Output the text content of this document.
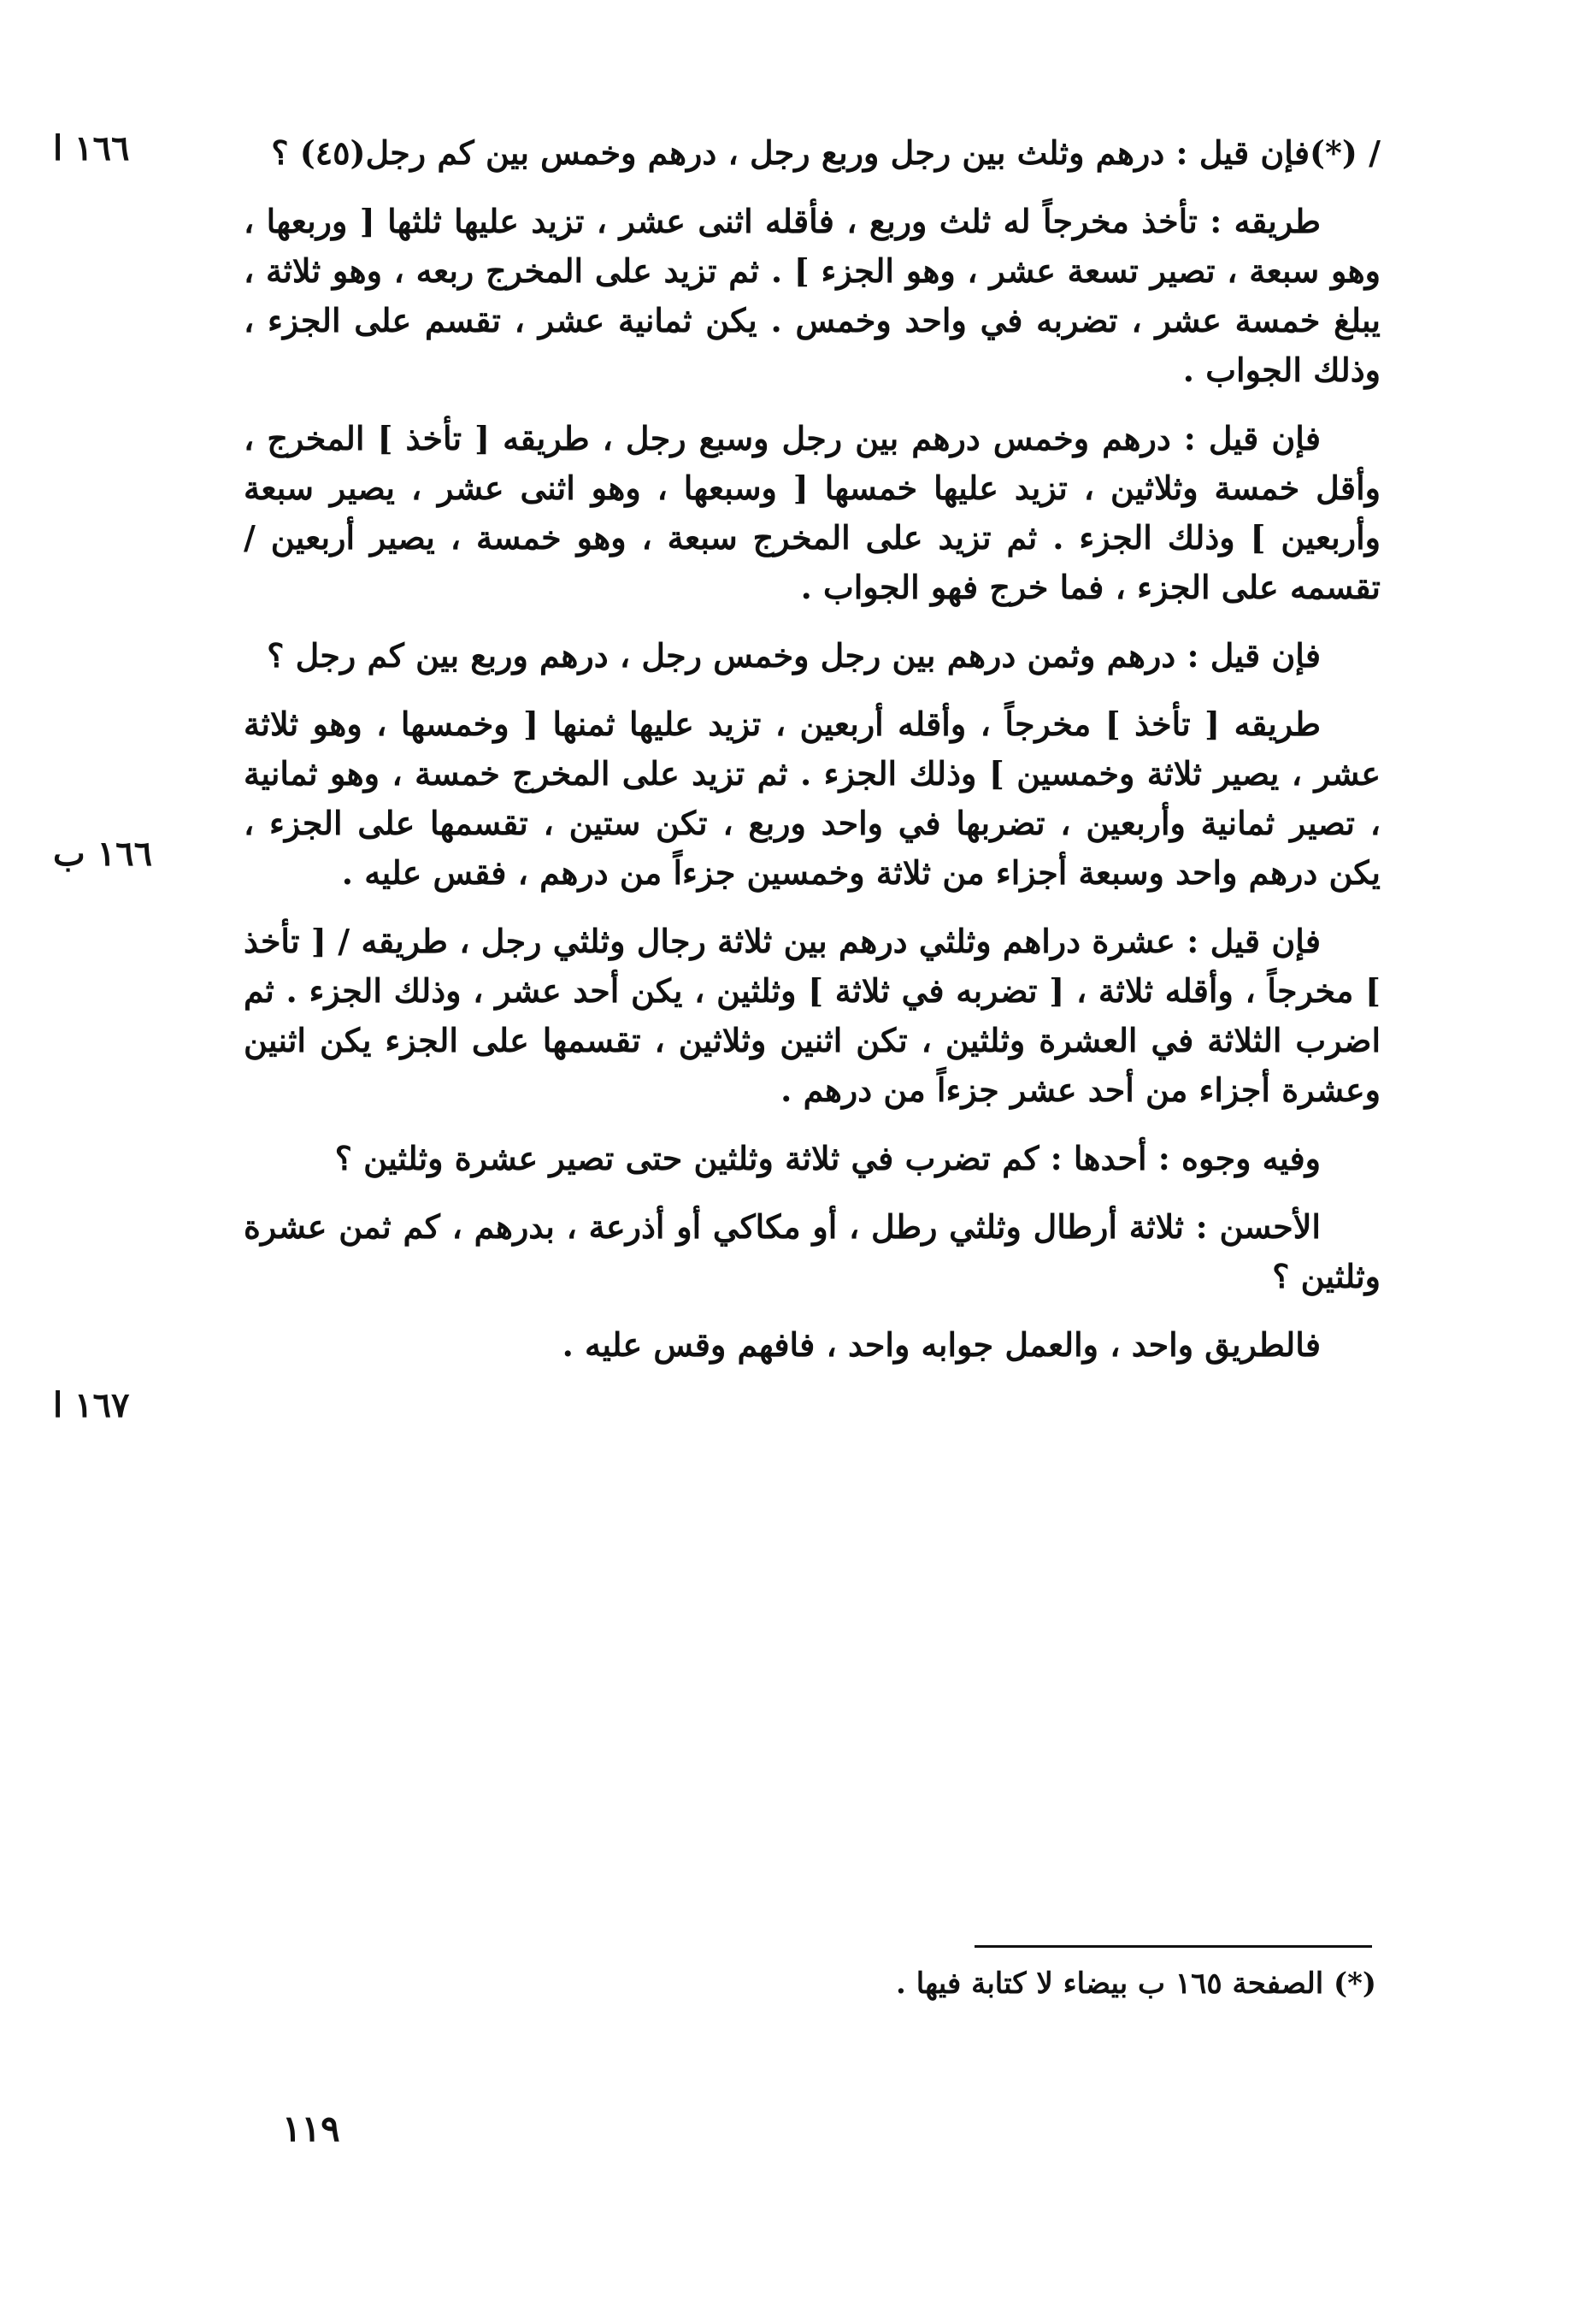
١٦٦ ا
١٦٦ ب
١٦٧ ا

/ (*)فإن قيل : درهم وثلث بين رجل وربع رجل ، درهم وخمس بين كم رجل(٤٥) ؟

طريقه : تأخذ مخرجاً له ثلث وربع ، فأقله اثنى عشر ، تزيد عليها ثلثها [ وربعها ، وهو سبعة ، تصير تسعة عشر ، وهو الجزء ] . ثم تزيد على المخرج ربعه ، وهو ثلاثة ، يبلغ خمسة عشر ، تضربه في واحد وخمس . يكن ثمانية عشر ، تقسم على الجزء ، وذلك الجواب .

فإن قيل : درهم وخمس درهم بين رجل وسبع رجل ، طريقه [ تأخذ ] المخرج ، وأقل خمسة وثلاثين ، تزيد عليها خمسها [ وسبعها ، وهو اثنى عشر ، يصير سبعة وأربعين ] وذلك الجزء . ثم تزيد على المخرج سبعة ، وهو خمسة ، يصير أربعين / تقسمه على الجزء ، فما خرج فهو الجواب .

فإن قيل : درهم وثمن درهم بين رجل وخمس رجل ، درهم وربع بين كم رجل ؟

طريقه [ تأخذ ] مخرجاً ، وأقله أربعين ، تزيد عليها ثمنها [ وخمسها ، وهو ثلاثة عشر ، يصير ثلاثة وخمسين ] وذلك الجزء . ثم تزيد على المخرج خمسة ، وهو ثمانية ، تصير ثمانية وأربعين ، تضربها في واحد وربع ، تكن ستين ، تقسمها على الجزء ، يكن درهم واحد وسبعة أجزاء من ثلاثة وخمسين جزءاً من درهم ، فقس عليه .

فإن قيل : عشرة دراهم وثلثي درهم بين ثلاثة رجال وثلثي رجل ، طريقه / [ تأخذ ] مخرجاً ، وأقله ثلاثة ، [ تضربه في ثلاثة ] وثلثين ، يكن أحد عشر ، وذلك الجزء . ثم اضرب الثلاثة في العشرة وثلثين ، تكن اثنين وثلاثين ، تقسمها على الجزء يكن اثنين وعشرة أجزاء من أحد عشر جزءاً من درهم .

وفيه وجوه : أحدها : كم تضرب في ثلاثة وثلثين حتى تصير عشرة وثلثين ؟

الأحسن : ثلاثة أرطال وثلثي رطل ، أو مكاكي أو أذرعة ، بدرهم ، كم ثمن عشرة وثلثين ؟

فالطريق واحد ، والعمل جوابه واحد ، فافهم وقس عليه .

(*) الصفحة ١٦٥ ب بيضاء لا كتابة فيها .
١١٩
